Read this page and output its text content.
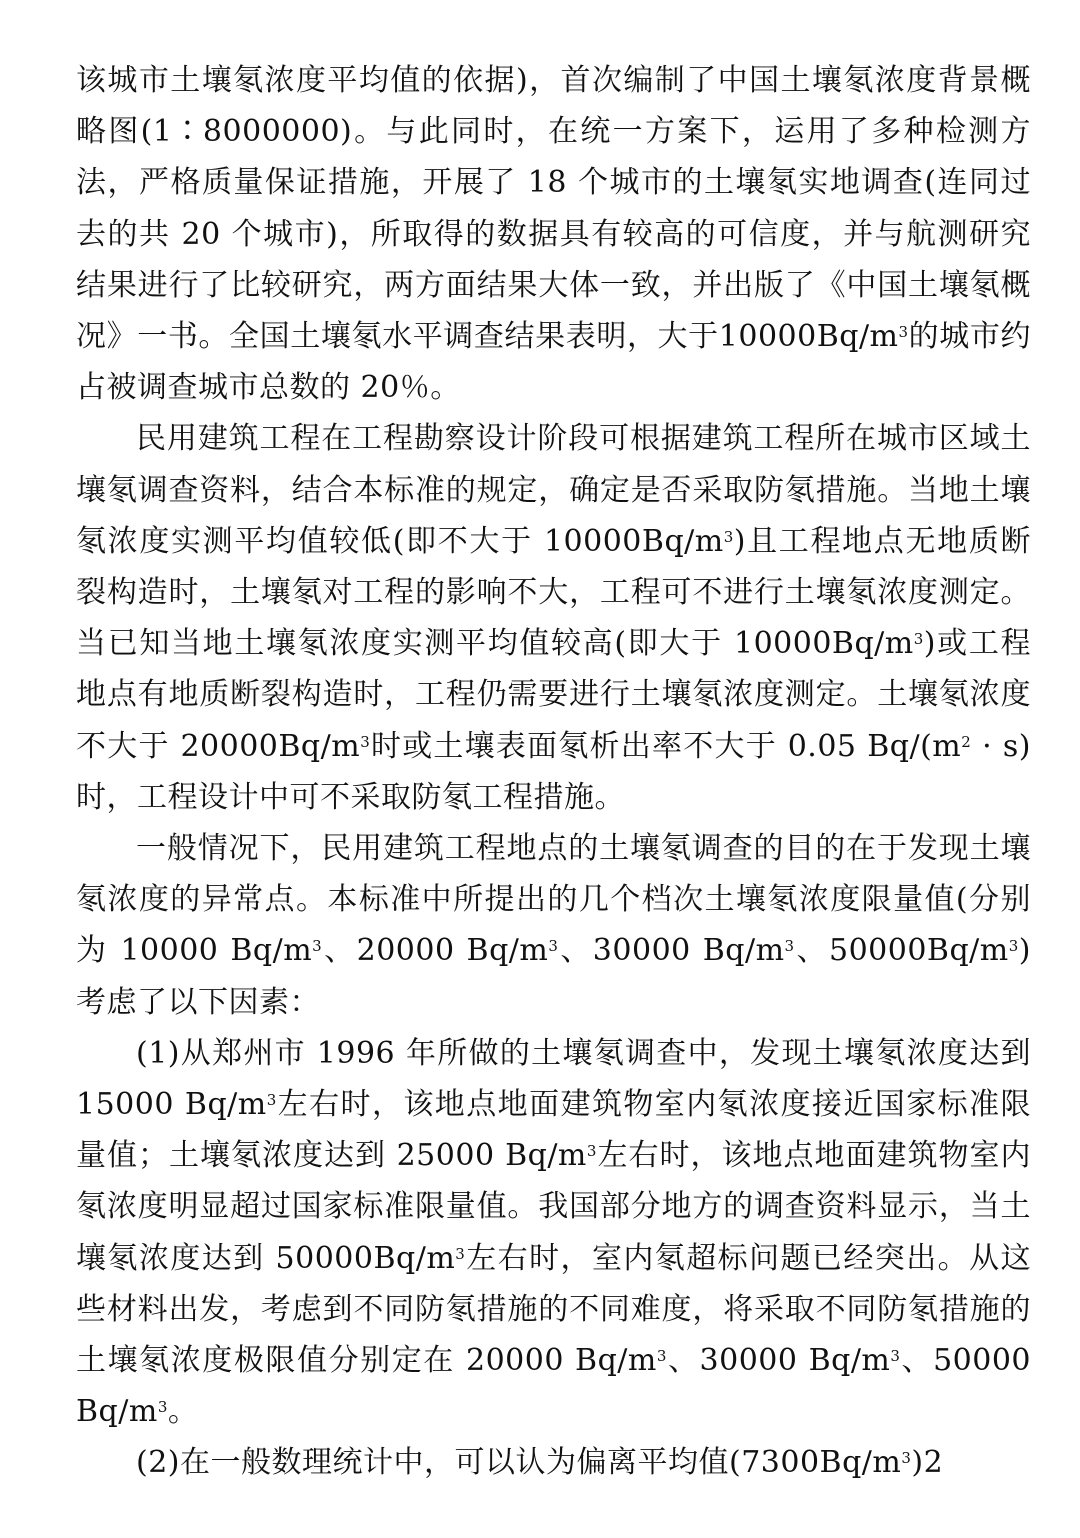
该城市土壤氡浓度平均值的依据)，首次编制了中国土壤氡浓度背景概略图(1∶8000000)。与此同时，在统一方案下，运用了多种检测方法，严格质量保证措施，开展了 18 个城市的土壤氡实地调查(连同过去的共 20 个城市)，所取得的数据具有较高的可信度，并与航测研究结果进行了比较研究，两方面结果大体一致，并出版了《中国土壤氡概况》一书。全国土壤氡水平调查结果表明，大于$10000Bq/m^3$的城市约占被调查城市总数的 20％。

民用建筑工程在工程勘察设计阶段可根据建筑工程所在城市区域土壤氡调查资料，结合本标准的规定，确定是否采取防氡措施。当地土壤氡浓度实测平均值较低(即不大于 $10000Bq/m^3$)且工程地点无地质断裂构造时，土壤氡对工程的影响不大，工程可不进行土壤氡浓度测定。当已知当地土壤氡浓度实测平均值较高(即大于 $10000Bq/m^3$)或工程地点有地质断裂构造时，工程仍需要进行土壤氡浓度测定。土壤氡浓度不大于 $20000Bq/m^3$时或土壤表面氡析出率不大于 0.05 $Bq/(m^2 \cdot s)$时，工程设计中可不采取防氡工程措施。

一般情况下，民用建筑工程地点的土壤氡调查的目的在于发现土壤氡浓度的异常点。本标准中所提出的几个档次土壤氡浓度限量值(分别为 10000 $Bq/m^3$、20000 $Bq/m^3$、30000 $Bq/m^3$、$50000Bq/m^3$)考虑了以下因素：

(1)从郑州市 1996 年所做的土壤氡调查中，发现土壤氡浓度达到 15000 $Bq/m^3$左右时，该地点地面建筑物室内氡浓度接近国家标准限量值；土壤氡浓度达到 25000 $Bq/m^3$左右时，该地点地面建筑物室内氡浓度明显超过国家标准限量值。我国部分地方的调查资料显示，当土壤氡浓度达到 $50000Bq/m^3$左右时，室内氡超标问题已经突出。从这些材料出发，考虑到不同防氡措施的不同难度，将采取不同防氡措施的土壤氡浓度极限值分别定在 20000 $Bq/m^3$、30000 $Bq/m^3$、50000 $Bq/m^3$。

(2)在一般数理统计中，可以认为偏离平均值$(7300Bq/m^3)2$
